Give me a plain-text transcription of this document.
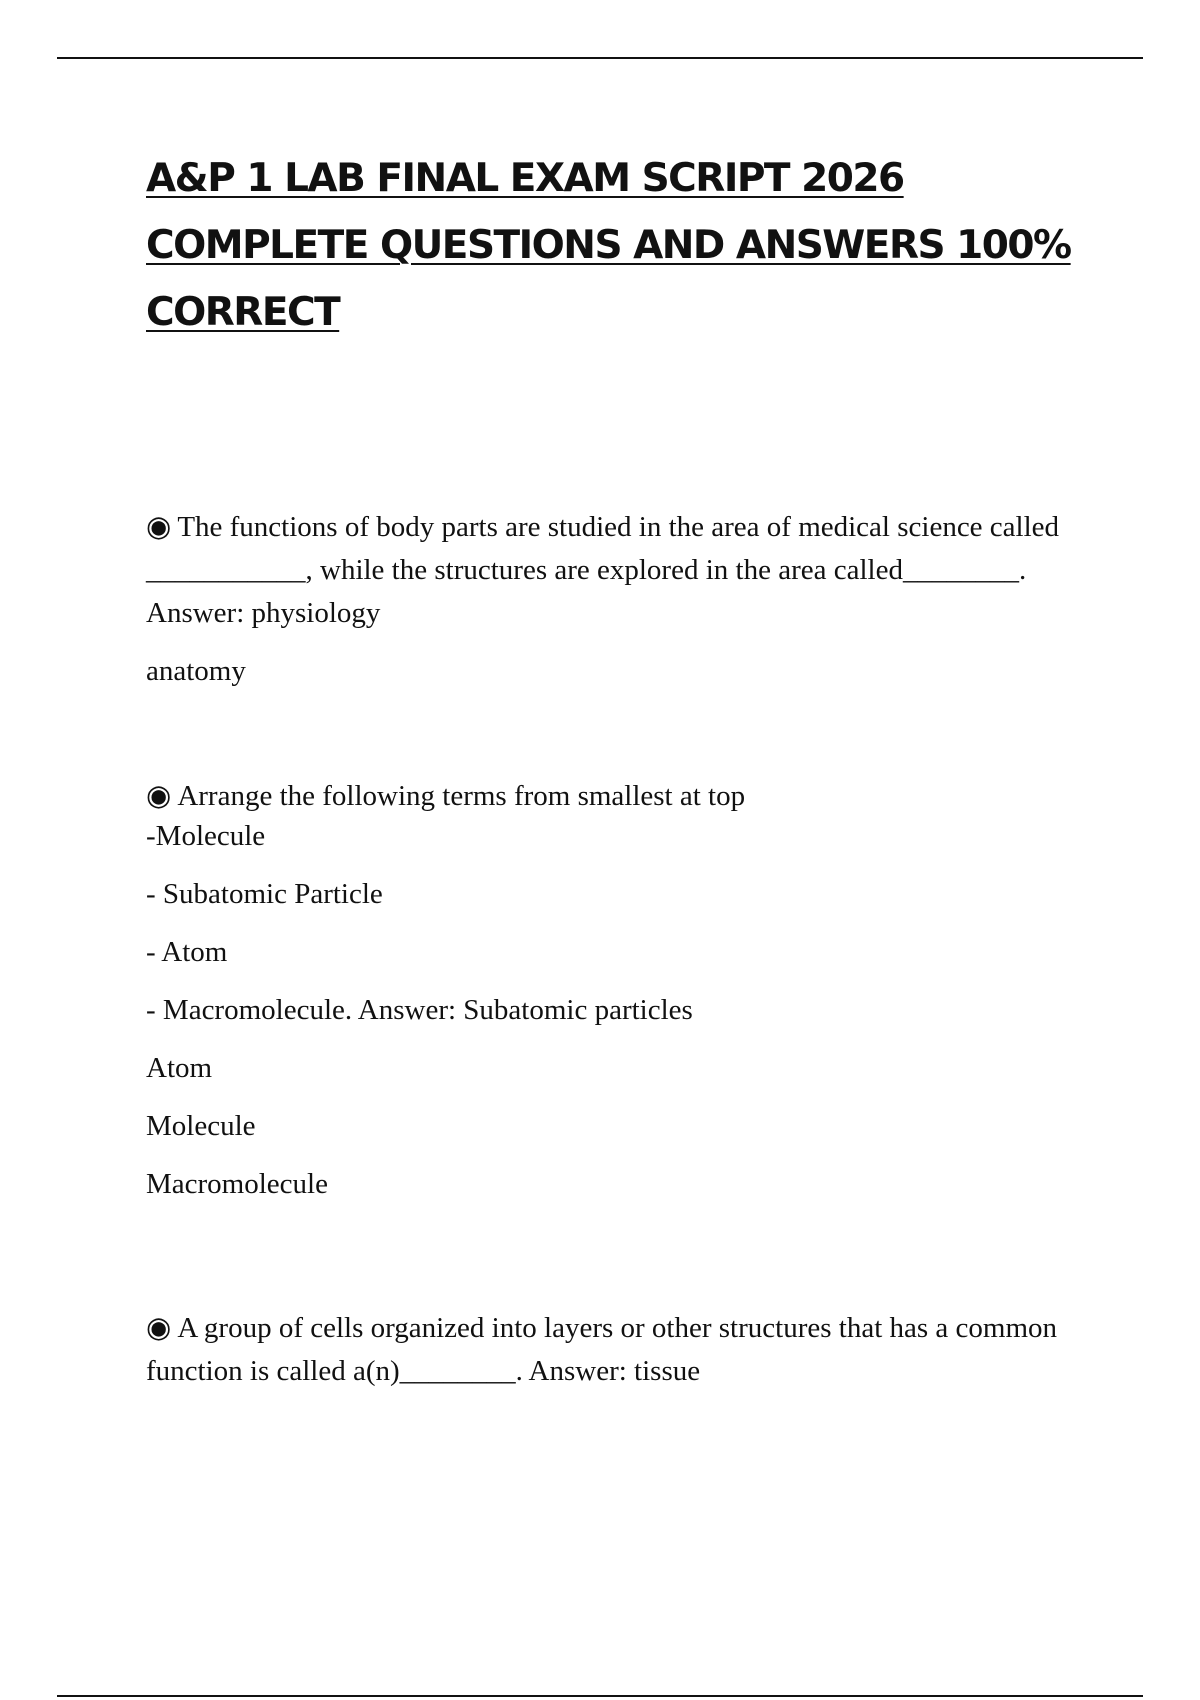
A&P 1 LAB FINAL EXAM SCRIPT 2026 COMPLETE QUESTIONS AND ANSWERS 100% CORRECT

◉ The functions of body parts are studied in the area of medical science called ___________, while the structures are explored in the area called________. Answer: physiology

anatomy

◉ Arrange the following terms from smallest at top

-Molecule

- Subatomic Particle

- Atom

- Macromolecule. Answer: Subatomic particles

Atom

Molecule

Macromolecule

◉ A group of cells organized into layers or other structures that has a common function is called a(n)________. Answer: tissue
